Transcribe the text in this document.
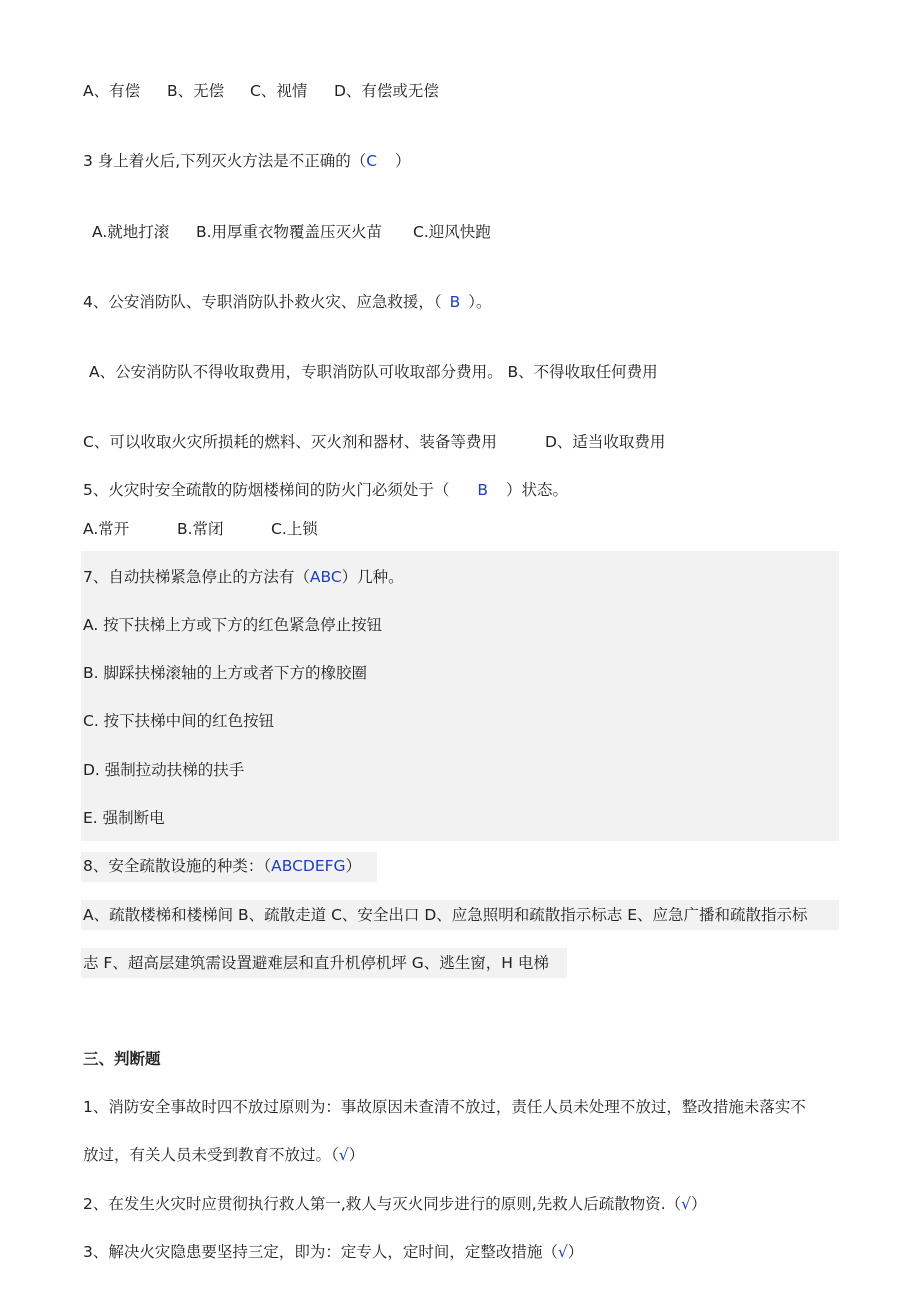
A、有偿 B、无偿 C、视情 D、有偿或无偿
3 身上着火后,下列灭火方法是不正确的（C ）
A.就地打滚 B.用厚重衣物覆盖压灭火苗 C.迎风快跑
4、公安消防队、专职消防队扑救火灾、应急救援，（ B ）。
A、公安消防队不得收取费用，专职消防队可收取部分费用。 B、不得收取任何费用
C、可以收取火灾所损耗的燃料、灭火剂和器材、装备等费用	D、适当收取费用
5、火灾时安全疏散的防烟楼梯间的防火门必须处于（ B ）状态。
A.常开	B.常闭	C.上锁
7、自动扶梯紧急停止的方法有（ABC）几种。
A. 按下扶梯上方或下方的红色紧急停止按钮
B. 脚踩扶梯滚轴的上方或者下方的橡胶圈
C. 按下扶梯中间的红色按钮
D. 强制拉动扶梯的扶手
E. 强制断电
8、安全疏散设施的种类：（ABCDEFG）
A、疏散楼梯和楼梯间 B、疏散走道 C、安全出口 D、应急照明和疏散指示标志 E、应急广播和疏散指示标
志 F、超高层建筑需设置避难层和直升机停机坪 G、逃生窗，H 电梯
三、判断题
1、消防安全事故时四不放过原则为：事故原因未查清不放过，责任人员未处理不放过，整改措施未落实不
放过，有关人员未受到教育不放过。（√）
2、在发生火灾时应贯彻执行救人第一,救人与灭火同步进行的原则,先救人后疏散物资.（√）
3、解决火灾隐患要坚持三定，即为：定专人，定时间，定整改措施（√）
